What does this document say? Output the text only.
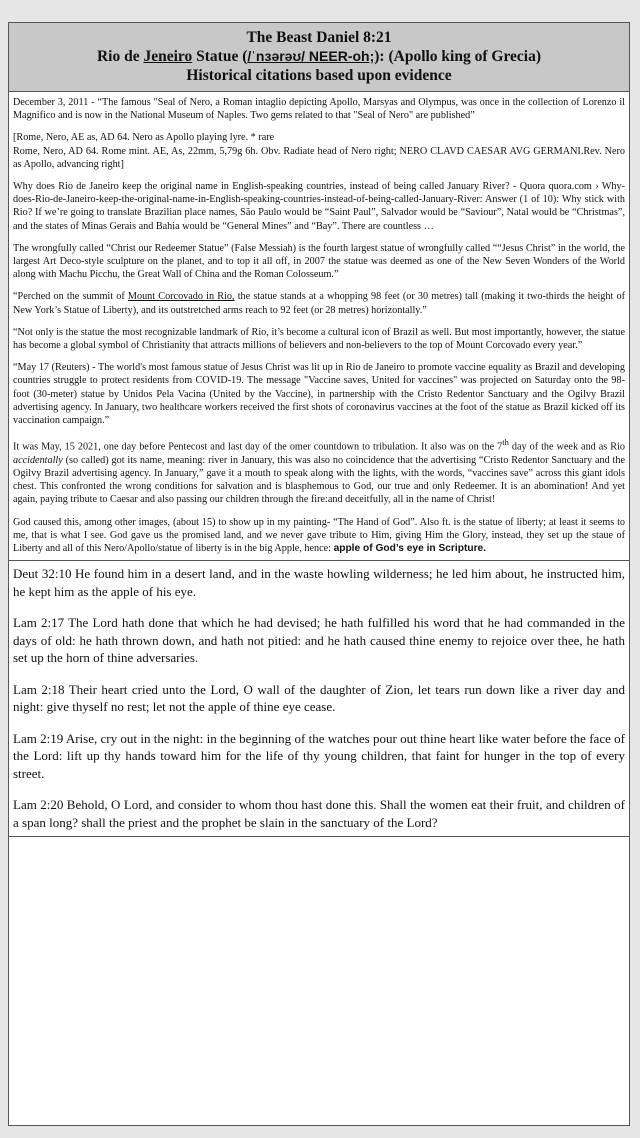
The Beast Daniel 8:21
Rio de Jeneiro Statue (/ˈnɜərəʊ/ NEER-oh;): (Apollo king of Grecia)
Historical citations based upon evidence

December 3, 2011 - “The famous "Seal of Nero, a Roman intaglio depicting Apollo, Marsyas and Olympus, was once in the collection of Lorenzo il Magnifico and is now in the National Museum of Naples. Two gems related to that "Seal of Nero" are published”

[Rome, Nero, AE as, AD 64. Nero as Apollo playing lyre. * rare
Rome, Nero, AD 64. Rome mint. AE, As, 22mm, 5,79g 6h. Obv. Radiate head of Nero right; NERO CLAVD CAESAR AVG GERMANI.Rev. Nero as Apollo, advancing right]

Why does Rio de Janeiro keep the original name in English-speaking countries, instead of being called January River? - Quora quora.com › Why-does-Rio-de-Janeiro-keep-the-original-name-in-English-speaking-countries-instead-of-being-called-January-River: Answer (1 of 10): Why stick with Rio? If we’re going to translate Brazilian place names, São Paulo would be “Saint Paul”, Salvador would be “Saviour”, Natal would be “Christmas”, and the states of Minas Gerais and Bahia would be “General Mines” and “Bay”. There are countless …

The wrongfully called “Christ our Redeemer Statue” (False Messiah) is the fourth largest statue of wrongfully called ““Jesus Christ” in the world, the largest Art Deco-style sculpture on the planet, and to top it all off, in 2007 the statue was deemed as one of the New Seven Wonders of the World along with Machu Picchu, the Great Wall of China and the Roman Colosseum.”

“Perched on the summit of Mount Corcovado in Rio, the statue stands at a whopping 98 feet (or 30 metres) tall (making it two-thirds the height of New York’s Statue of Liberty), and its outstretched arms reach to 92 feet (or 28 metres) horizontally.”

“Not only is the statue the most recognizable landmark of Rio, it’s become a cultural icon of Brazil as well. But most importantly, however, the statue has become a global symbol of Christianity that attracts millions of believers and non-believers to the top of Mount Corcovado every year.”

“May 17 (Reuters) - The world's most famous statue of Jesus Christ was lit up in Rio de Janeiro to promote vaccine equality as Brazil and developing countries struggle to protect residents from COVID-19. The message "Vaccine saves, United for vaccines" was projected on Saturday onto the 98-foot (30-meter) statue by Unidos Pela Vacina (United by the Vaccine), in partnership with the Cristo Redentor Sanctuary and the Ogilvy Brazil advertising agency. In January, two healthcare workers received the first shots of coronavirus vaccines at the foot of the statue as Brazil kicked off its vaccination campaign.”

It was May, 15 2021, one day before Pentecost and last day of the omer countdown to tribulation. It also was on the 7th day of the week and as Rio accidentally (so called) got its name, meaning: river in January, this was also no coincidence that the advertising “Cristo Redentor Sanctuary and the Ogilvy Brazil advertising agency. In January,” gave it a mouth to speak along with the lights, with the words, “vaccines save” across this giant idols chest. This confronted the wrong conditions for salvation and is blasphemous to God, our true and only Redeemer. It is an abomination! And yet again, paying tribute to Caesar and also passing our children through the fire:and deceitfully, all in the name of Christ!

God caused this, among other images, (about 15) to show up in my painting- “The Hand of God”. Also ft. is the statue of liberty; at least it seems to me, that is what I see. God gave us the promised land, and we never gave tribute to Him, giving Him the Glory, instead, they set up the staue of Liberty and all of this Nero/Apollo/statue of liberty is in the big Apple, hence: apple of God’s eye in Scripture.

Deut 32:10 He found him in a desert land, and in the waste howling wilderness; he led him about, he instructed him, he kept him as the apple of his eye.

Lam 2:17 The Lord hath done that which he had devised; he hath fulfilled his word that he had commanded in the days of old: he hath thrown down, and hath not pitied: and he hath caused thine enemy to rejoice over thee, he hath set up the horn of thine adversaries.

Lam 2:18 Their heart cried unto the Lord, O wall of the daughter of Zion, let tears run down like a river day and night: give thyself no rest; let not the apple of thine eye cease.

Lam 2:19 Arise, cry out in the night: in the beginning of the watches pour out thine heart like water before the face of the Lord: lift up thy hands toward him for the life of thy young children, that faint for hunger in the top of every street.

Lam 2:20 Behold, O Lord, and consider to whom thou hast done this. Shall the women eat their fruit, and children of a span long? shall the priest and the prophet be slain in the sanctuary of the Lord?
